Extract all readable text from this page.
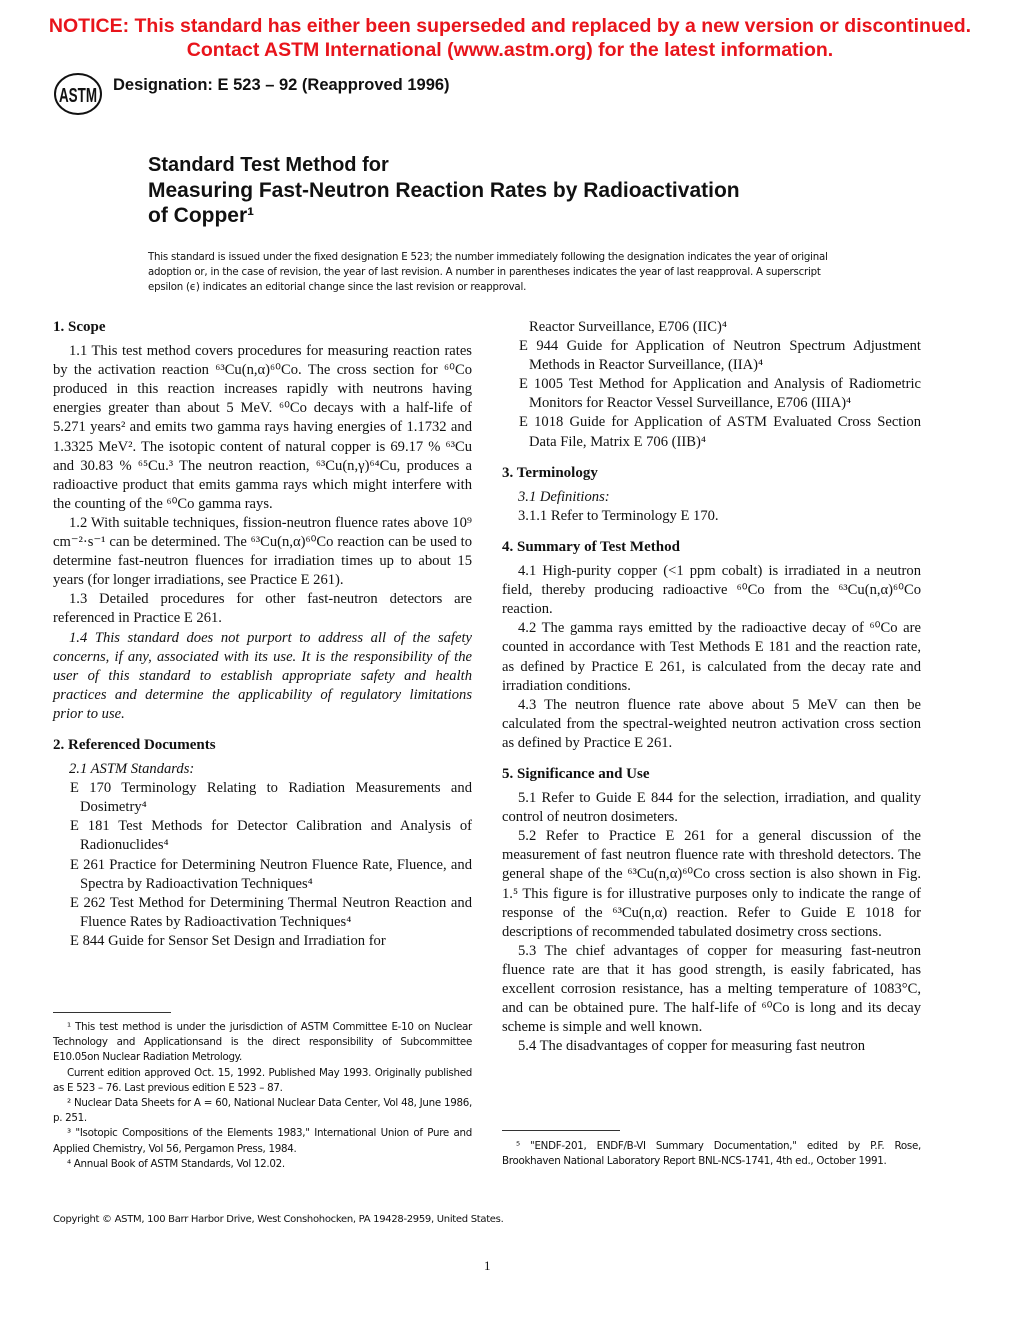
NOTICE: This standard has either been superseded and replaced by a new version or discontinued.
Contact ASTM International (www.astm.org) for the latest information.
ASTM Designation: E 523 – 92 (Reapproved 1996)
Standard Test Method for
Measuring Fast-Neutron Reaction Rates by Radioactivation
of Copper¹
This standard is issued under the fixed designation E 523; the number immediately following the designation indicates the year of original adoption or, in the case of revision, the year of last revision. A number in parentheses indicates the year of last reapproval. A superscript epsilon (ϵ) indicates an editorial change since the last revision or reapproval.
1. Scope

1.1 This test method covers procedures for measuring reaction rates by the activation reaction ⁶³Cu(n,α)⁶⁰Co. The cross section for ⁶⁰Co produced in this reaction increases rapidly with neutrons having energies greater than about 5 MeV. ⁶⁰Co decays with a half-life of 5.271 years² and emits two gamma rays having energies of 1.1732 and 1.3325 MeV². The isotopic content of natural copper is 69.17 % ⁶³Cu and 30.83 % ⁶⁵Cu.³ The neutron reaction, ⁶³Cu(n,γ)⁶⁴Cu, produces a radioactive product that emits gamma rays which might interfere with the counting of the ⁶⁰Co gamma rays.

1.2 With suitable techniques, fission-neutron fluence rates above 10⁹ cm⁻²·s⁻¹ can be determined. The ⁶³Cu(n,α)⁶⁰Co reaction can be used to determine fast-neutron fluences for irradiation times up to about 15 years (for longer irradiations, see Practice E 261).

1.3 Detailed procedures for other fast-neutron detectors are referenced in Practice E 261.

1.4 This standard does not purport to address all of the safety concerns, if any, associated with its use. It is the responsibility of the user of this standard to establish appropriate safety and health practices and determine the applicability of regulatory limitations prior to use.

2. Referenced Documents

2.1 ASTM Standards:

E 170 Terminology Relating to Radiation Measurements and Dosimetry⁴

E 181 Test Methods for Detector Calibration and Analysis of Radionuclides⁴

E 261 Practice for Determining Neutron Fluence Rate, Fluence, and Spectra by Radioactivation Techniques⁴

E 262 Test Method for Determining Thermal Neutron Reaction and Fluence Rates by Radioactivation Techniques⁴

E 844 Guide for Sensor Set Design and Irradiation for

Reactor Surveillance, E706 (IIC)⁴

E 944 Guide for Application of Neutron Spectrum Adjustment Methods in Reactor Surveillance, (IIA)⁴

E 1005 Test Method for Application and Analysis of Radiometric Monitors for Reactor Vessel Surveillance, E706 (IIIA)⁴

E 1018 Guide for Application of ASTM Evaluated Cross Section Data File, Matrix E 706 (IIB)⁴

3. Terminology

3.1 Definitions:

3.1.1 Refer to Terminology E 170.

4. Summary of Test Method

4.1 High-purity copper (<1 ppm cobalt) is irradiated in a neutron field, thereby producing radioactive ⁶⁰Co from the ⁶³Cu(n,α)⁶⁰Co reaction.

4.2 The gamma rays emitted by the radioactive decay of ⁶⁰Co are counted in accordance with Test Methods E 181 and the reaction rate, as defined by Practice E 261, is calculated from the decay rate and irradiation conditions.

4.3 The neutron fluence rate above about 5 MeV can then be calculated from the spectral-weighted neutron activation cross section as defined by Practice E 261.

5. Significance and Use

5.1 Refer to Guide E 844 for the selection, irradiation, and quality control of neutron dosimeters.

5.2 Refer to Practice E 261 for a general discussion of the measurement of fast neutron fluence rate with threshold detectors. The general shape of the ⁶³Cu(n,α)⁶⁰Co cross section is also shown in Fig. 1.⁵ This figure is for illustrative purposes only to indicate the range of response of the ⁶³Cu(n,α) reaction. Refer to Guide E 1018 for descriptions of recommended tabulated dosimetry cross sections.

5.3 The chief advantages of copper for measuring fast-neutron fluence rate are that it has good strength, is easily fabricated, has excellent corrosion resistance, has a melting temperature of 1083°C, and can be obtained pure. The half-life of ⁶⁰Co is long and its decay scheme is simple and well known.

5.4 The disadvantages of copper for measuring fast neutron

¹ This test method is under the jurisdiction of ASTM Committee E-10 on Nuclear Technology and Applicationsand is the direct responsibility of Subcommittee E10.05on Nuclear Radiation Metrology.

Current edition approved Oct. 15, 1992. Published May 1993. Originally published as E 523 – 76. Last previous edition E 523 – 87.

² Nuclear Data Sheets for A = 60, National Nuclear Data Center, Vol 48, June 1986, p. 251.

³ "Isotopic Compositions of the Elements 1983," International Union of Pure and Applied Chemistry, Vol 56, Pergamon Press, 1984.

⁴ Annual Book of ASTM Standards, Vol 12.02.

⁵ "ENDF-201, ENDF/B-VI Summary Documentation," edited by P.F. Rose, Brookhaven National Laboratory Report BNL-NCS-1741, 4th ed., October 1991.

Copyright © ASTM, 100 Barr Harbor Drive, West Conshohocken, PA 19428-2959, United States.
1
